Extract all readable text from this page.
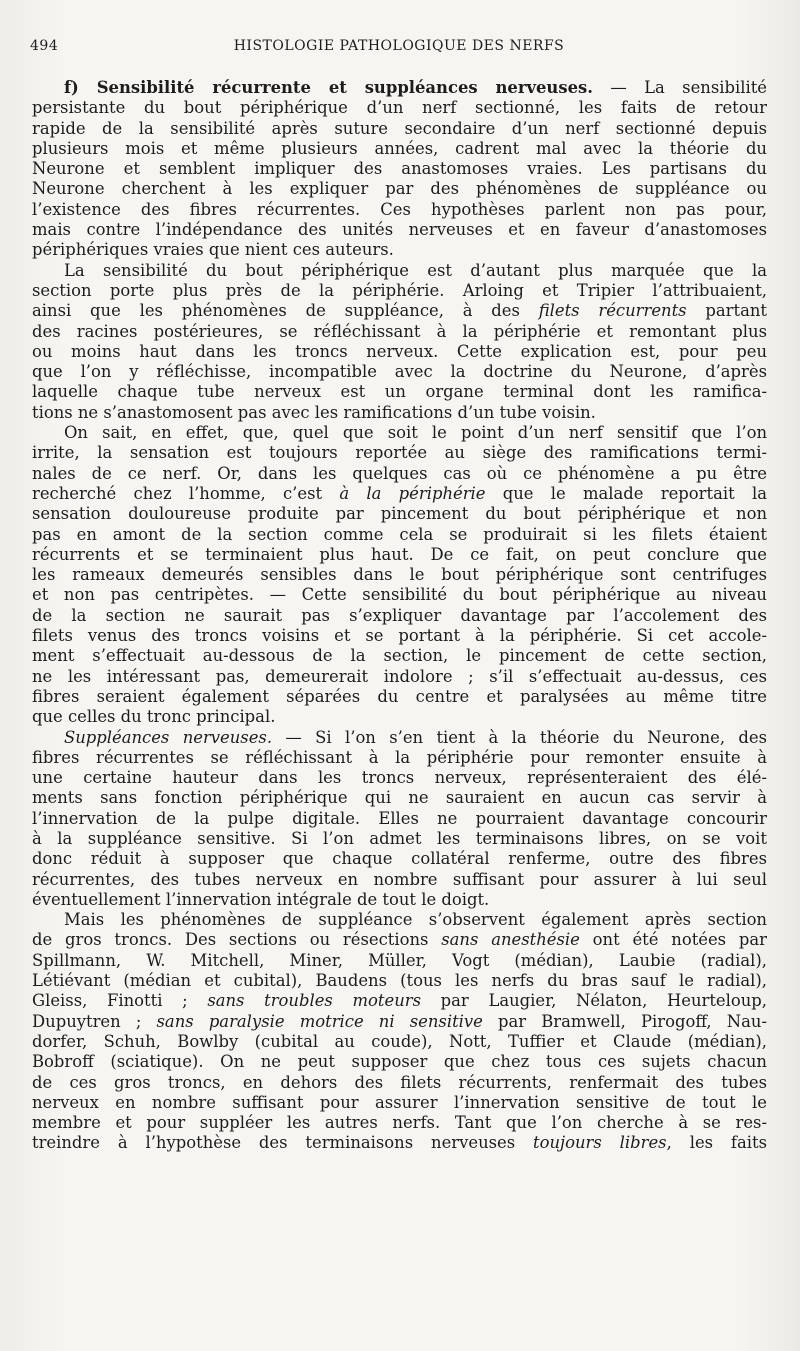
494	HISTOLOGIE PATHOLOGIQUE DES NERFS
f) Sensibilité récurrente et suppléances nerveuses. — La sensibilité
persistante du bout périphérique d’un nerf sectionné, les faits de retour
rapide de la sensibilité après suture secondaire d’un nerf sectionné depuis
plusieurs mois et même plusieurs années, cadrent mal avec la théorie du
Neurone et semblent impliquer des anastomoses vraies. Les partisans du
Neurone cherchent à les expliquer par des phénomènes de suppléance ou
l’existence des fibres récurrentes. Ces hypothèses parlent non pas pour,
mais contre l’indépendance des unités nerveuses et en faveur d’anastomoses
périphériques vraies que nient ces auteurs.
La sensibilité du bout périphérique est d’autant plus marquée que la
section porte plus près de la périphérie. Arloing et Tripier l’attribuaient,
ainsi que les phénomènes de suppléance, à des filets récurrents partant
des racines postérieures, se réfléchissant à la périphérie et remontant plus
ou moins haut dans les troncs nerveux. Cette explication est, pour peu
que l’on y réfléchisse, incompatible avec la doctrine du Neurone, d’après
laquelle chaque tube nerveux est un organe terminal dont les ramifica-
tions ne s’anastomosent pas avec les ramifications d’un tube voisin.
On sait, en effet, que, quel que soit le point d’un nerf sensitif que l’on
irrite, la sensation est toujours reportée au siège des ramifications termi-
nales de ce nerf. Or, dans les quelques cas où ce phénomène a pu être
recherché chez l’homme, c’est à la périphérie que le malade reportait la
sensation douloureuse produite par pincement du bout périphérique et non
pas en amont de la section comme cela se produirait si les filets étaient
récurrents et se terminaient plus haut. De ce fait, on peut conclure que
les rameaux demeurés sensibles dans le bout périphérique sont centrifuges
et non pas centripètes. — Cette sensibilité du bout périphérique au niveau
de la section ne saurait pas s’expliquer davantage par l’accolement des
filets venus des troncs voisins et se portant à la périphérie. Si cet accole-
ment s’effectuait au-dessous de la section, le pincement de cette section,
ne les intéressant pas, demeurerait indolore ; s’il s’effectuait au-dessus, ces
fibres seraient également séparées du centre et paralysées au même titre
que celles du tronc principal.
Suppléances nerveuses. — Si l’on s’en tient à la théorie du Neurone, des
fibres récurrentes se réfléchissant à la périphérie pour remonter ensuite à
une certaine hauteur dans les troncs nerveux, représenteraient des élé-
ments sans fonction périphérique qui ne sauraient en aucun cas servir à
l’innervation de la pulpe digitale. Elles ne pourraient davantage concourir
à la suppléance sensitive. Si l’on admet les terminaisons libres, on se voit
donc réduit à supposer que chaque collatéral renferme, outre des fibres
récurrentes, des tubes nerveux en nombre suffisant pour assurer à lui seul
éventuellement l’innervation intégrale de tout le doigt.
Mais les phénomènes de suppléance s’observent également après section
de gros troncs. Des sections ou résections sans anesthésie ont été notées par
Spillmann, W. Mitchell, Miner, Müller, Vogt (médian), Laubie (radial),
Létiévant (médian et cubital), Baudens (tous les nerfs du bras sauf le radial),
Gleiss, Finotti ; sans troubles moteurs par Laugier, Nélaton, Heurteloup,
Dupuytren ; sans paralysie motrice ni sensitive par Bramwell, Pirogoff, Nau-
dorfer, Schuh, Bowlby (cubital au coude), Nott, Tuffier et Claude (médian),
Bobroff (sciatique). On ne peut supposer que chez tous ces sujets chacun
de ces gros troncs, en dehors des filets récurrents, renfermait des tubes
nerveux en nombre suffisant pour assurer l’innervation sensitive de tout le
membre et pour suppléer les autres nerfs. Tant que l’on cherche à se res-
treindre à l’hypothèse des terminaisons nerveuses toujours libres, les faits
